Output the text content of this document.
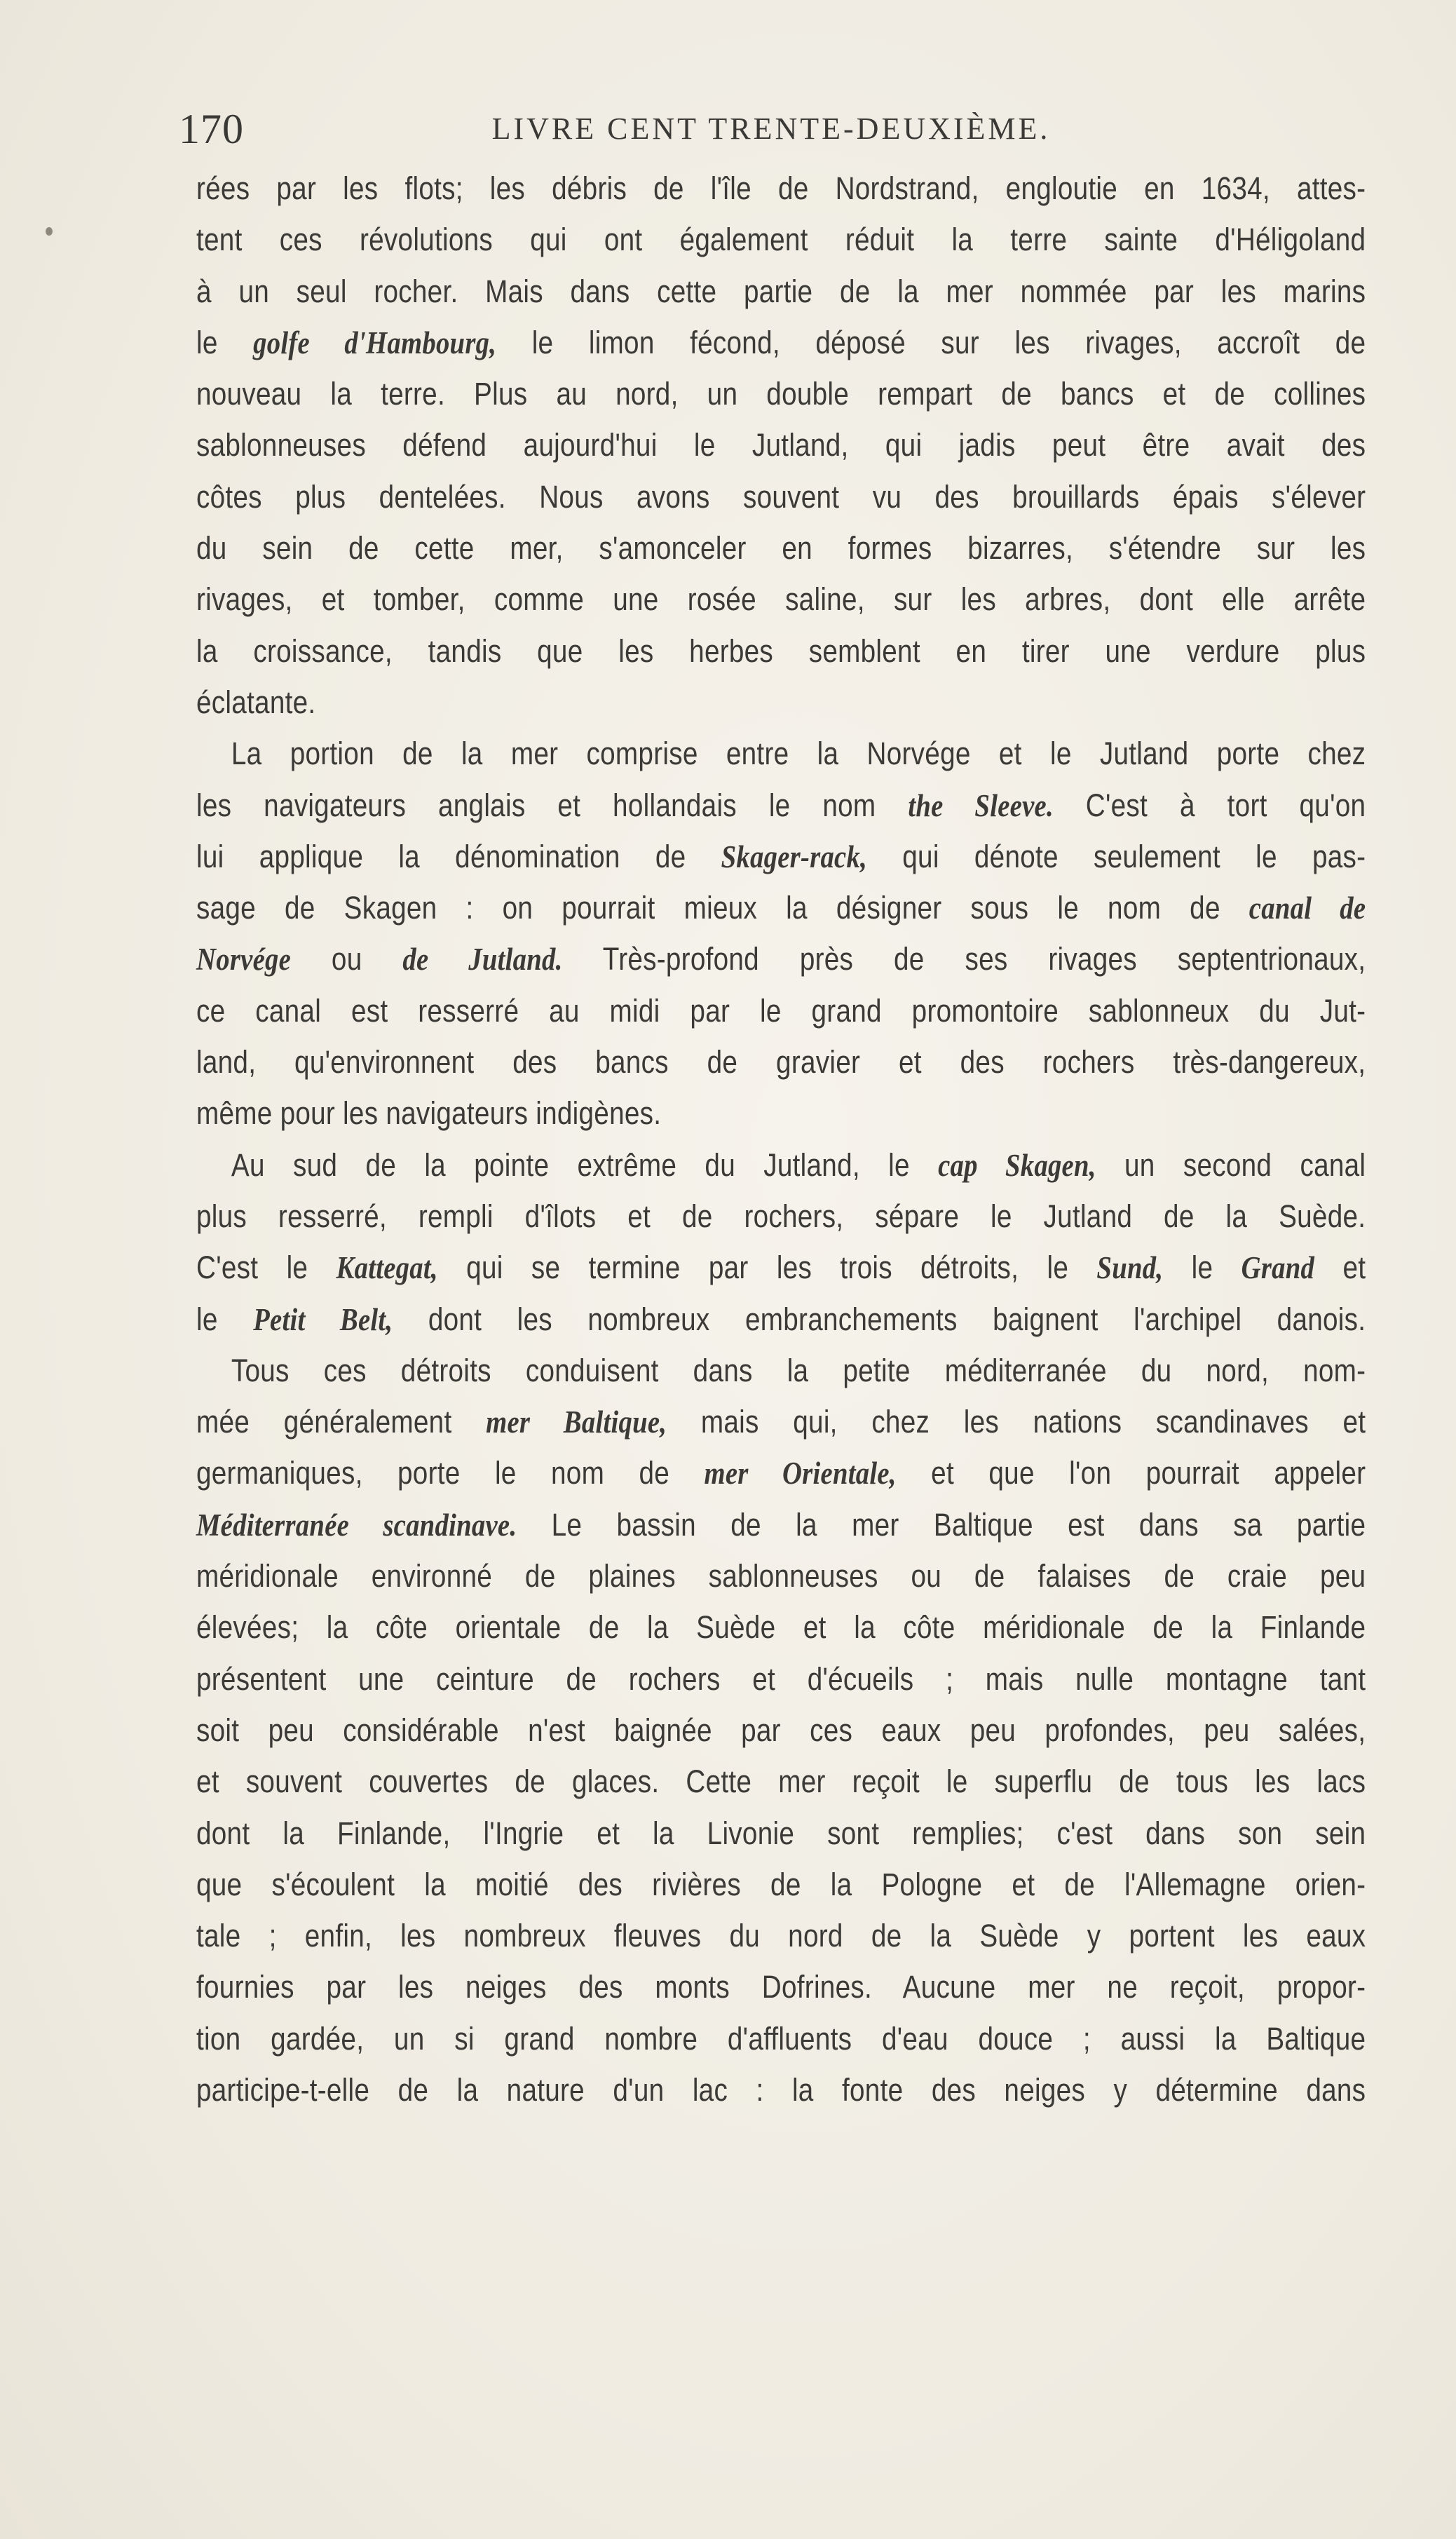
170	LIVRE CENT TRENTE-DEUXIÈME.
rées par les flots; les débris de l'île de Nordstrand, engloutie en 1634, attes-
tent ces révolutions qui ont également réduit la terre sainte d'Héligoland
à un seul rocher. Mais dans cette partie de la mer nommée par les marins
le golfe d'Hambourg, le limon fécond, déposé sur les rivages, accroît de
nouveau la terre. Plus au nord, un double rempart de bancs et de collines
sablonneuses défend aujourd'hui le Jutland, qui jadis peut être avait des
côtes plus dentelées. Nous avons souvent vu des brouillards épais s'élever
du sein de cette mer, s'amonceler en formes bizarres, s'étendre sur les
rivages, et tomber, comme une rosée saline, sur les arbres, dont elle arrête
la croissance, tandis que les herbes semblent en tirer une verdure plus
éclatante.
La portion de la mer comprise entre la Norvége et le Jutland porte chez
les navigateurs anglais et hollandais le nom the Sleeve. C'est à tort qu'on
lui applique la dénomination de Skager-rack, qui dénote seulement le pas-
sage de Skagen : on pourrait mieux la désigner sous le nom de canal de
Norvége ou de Jutland. Très-profond près de ses rivages septentrionaux,
ce canal est resserré au midi par le grand promontoire sablonneux du Jut-
land, qu'environnent des bancs de gravier et des rochers très-dangereux,
même pour les navigateurs indigènes.
Au sud de la pointe extrême du Jutland, le cap Skagen, un second canal
plus resserré, rempli d'îlots et de rochers, sépare le Jutland de la Suède.
C'est le Kattegat, qui se termine par les trois détroits, le Sund, le Grand et
le Petit Belt, dont les nombreux embranchements baignent l'archipel danois.
Tous ces détroits conduisent dans la petite méditerranée du nord, nom-
mée généralement mer Baltique, mais qui, chez les nations scandinaves et
germaniques, porte le nom de mer Orientale, et que l'on pourrait appeler
Méditerranée scandinave. Le bassin de la mer Baltique est dans sa partie
méridionale environné de plaines sablonneuses ou de falaises de craie peu
élevées; la côte orientale de la Suède et la côte méridionale de la Finlande
présentent une ceinture de rochers et d'écueils ; mais nulle montagne tant
soit peu considérable n'est baignée par ces eaux peu profondes, peu salées,
et souvent couvertes de glaces. Cette mer reçoit le superflu de tous les lacs
dont la Finlande, l'Ingrie et la Livonie sont remplies; c'est dans son sein
que s'écoulent la moitié des rivières de la Pologne et de l'Allemagne orien-
tale ; enfin, les nombreux fleuves du nord de la Suède y portent les eaux
fournies par les neiges des monts Dofrines. Aucune mer ne reçoit, propor-
tion gardée, un si grand nombre d'affluents d'eau douce ; aussi la Baltique
participe-t-elle de la nature d'un lac : la fonte des neiges y détermine dans
